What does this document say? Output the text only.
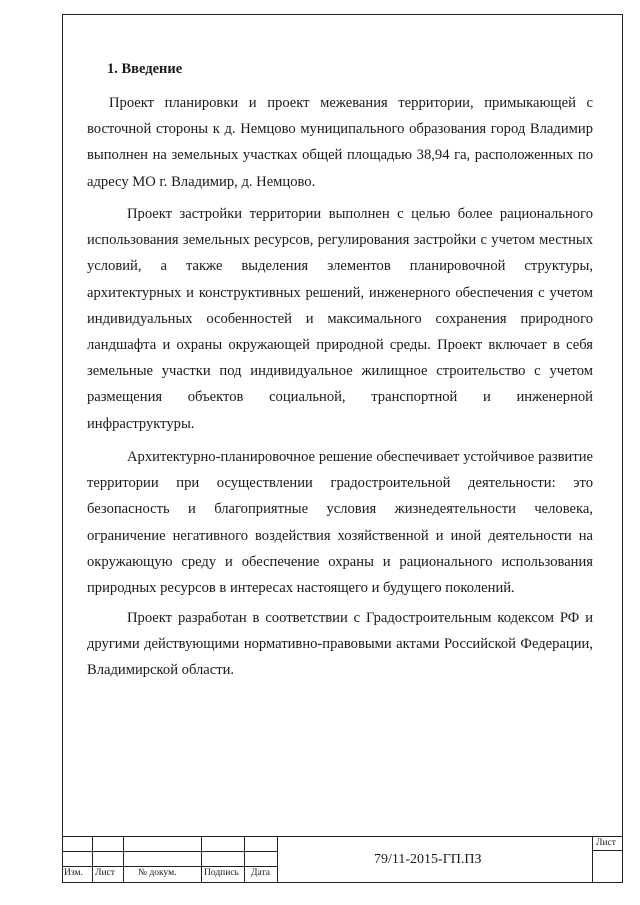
1. Введение

Проект планировки и проект межевания территории, примыкающей с восточной стороны к д. Немцово муниципального образования город Владимир выполнен на земельных участках общей площадью 38,94 га, расположенных по адресу МО г. Владимир, д. Немцово.

Проект застройки территории выполнен с целью более рационального использования земельных ресурсов, регулирования застройки с учетом местных условий, а также выделения элементов планировочной структуры, архитектурных и конструктивных решений, инженерного обеспечения с учетом индивидуальных особенностей и максимального сохранения природного ландшафта и охраны окружающей природной среды. Проект включает в себя земельные участки под индивидуальное жилищное строительство с учетом размещения объектов социальной, транспортной и инженерной инфраструктуры.

Архитектурно-планировочное решение обеспечивает устойчивое развитие территории при осуществлении градостроительной деятельности: это безопасность и благоприятные условия жизнедеятельности человека, ограничение негативного воздействия хозяйственной и иной деятельности на окружающую среду и обеспечение охраны и рационального использования природных ресурсов в интересах настоящего и будущего поколений.

Проект разработан в соответствии с Градостроительным кодексом РФ и другими действующими нормативно-правовыми актами Российской Федерации, Владимирской области.

Изм. Лист № докум.	Подпись Дата
79/11-2015-ГП.ПЗ
Лист
